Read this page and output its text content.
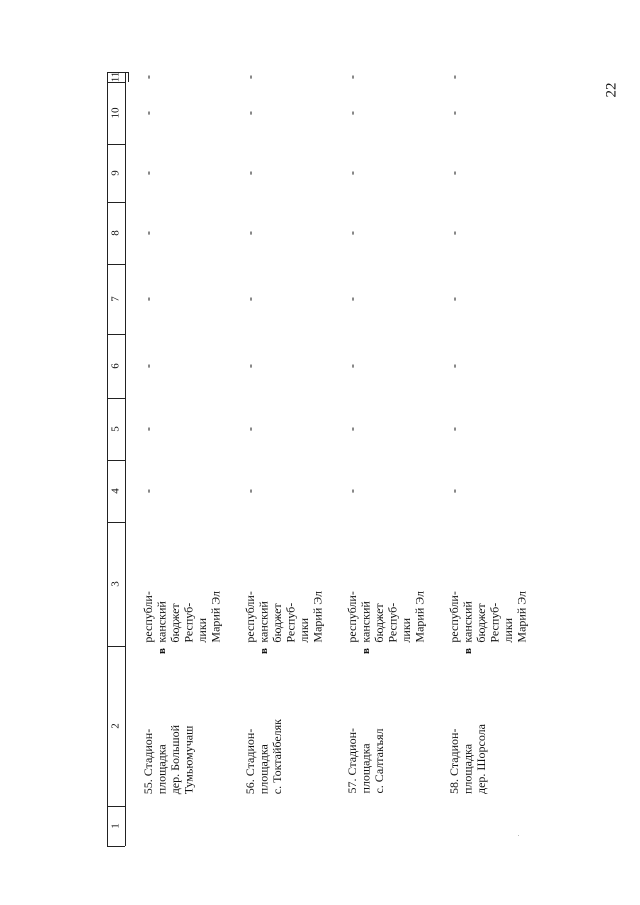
22
1
2
3
4
5
6
7
8
9
10
11
55. Стадион-
площадка
дер. Большой
Тумьюмучаш
в
республи-
канский
бюджет
Респуб-
лики
Марий Эл
-
-
-
-
-
-
-
-
56. Стадион-
площадка
с. Токтайбеляк
в
республи-
канский
бюджет
Респуб-
лики
Марий Эл
-
-
-
-
-
-
-
-
57. Стадион-
площадка
с. Салтакъял
в
республи-
канский
бюджет
Респуб-
лики
Марий Эл
-
-
-
-
-
-
-
-
58. Стадион-
площадка
дер. Шорсола
в
республи-
канский
бюджет
Респуб-
лики
Марий Эл
-
-
-
-
-
-
-
-
